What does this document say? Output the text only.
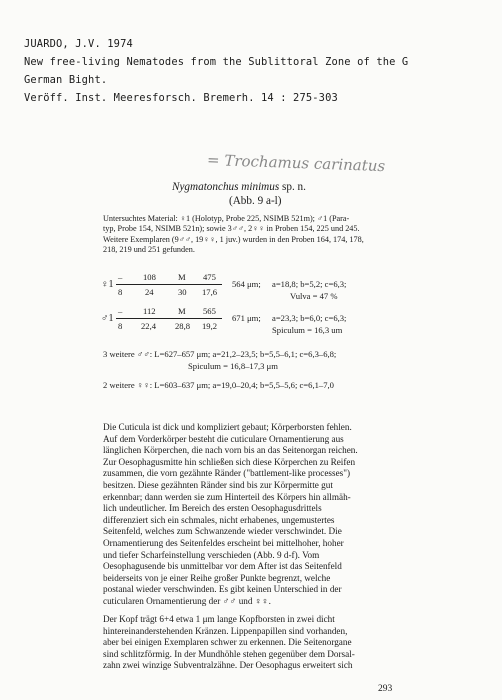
JUARDO, J.V. 1974
New free-living Nematodes from the Sublittoral Zone of the G
German Bight.
Veröff. Inst. Meeresforsch. Bremerh. 14 : 275-303
= Trochamus carinatus
Nygmatonchus minimus sp. n.
(Abb. 9 a-l)
Untersuchtes Material: ♀1 (Holotyp, Probe 225, NSIMB 521m); ♂1 (Para-
typ, Probe 154, NSIMB 521n); sowie 3♂♂, 2♀♀ in Proben 154, 225 und 245.
Weitere Exemplaren (9♂♂, 19♀♀, 1 juv.) wurden in den Proben 164, 174, 178,
218, 219 und 251 gefunden.
♀1
– 108	M 475
8	24	30 17,6
564 μm; a=18,8; b=5,2; c=6,3;
Vulva = 47 %
♂1
– 112	M 565
8 22,4 28,8 19,2
671 μm; a=23,3; b=6,0; c=6,3;
Spiculum = 16,3 um
3 weitere ♂♂: L=627–657 μm; a=21,2–23,5; b=5,5–6,1; c=6,3–6,8;
Spiculum = 16,8–17,3 μm
2 weitere ♀♀: L=603–637 μm; a=19,0–20,4; b=5,5–5,6; c=6,1–7,0
Die Cuticula ist dick und kompliziert gebaut; Körperborsten fehlen.
Auf dem Vorderkörper besteht die cuticulare Ornamentierung aus
länglichen Körperchen, die nach vorn bis an das Seitenorgan reichen.
Zur Oesophagusmitte hin schließen sich diese Körperchen zu Reifen
zusammen, die vorn gezähnte Ränder ("battlement-like processes")
besitzen. Diese gezähnten Ränder sind bis zur Körpermitte gut
erkennbar; dann werden sie zum Hinterteil des Körpers hin allmäh-
lich undeutlicher. Im Bereich des ersten Oesophagusdrittels
differenziert sich ein schmales, nicht erhabenes, ungemustertes
Seitenfeld, welches zum Schwanzende wieder verschwindet. Die
Ornamentierung des Seitenfeldes erscheint bei mittelhoher, hoher
und tiefer Scharfeinstellung verschieden (Abb. 9 d-f). Vom
Oesophagusende bis unmittelbar vor dem After ist das Seitenfeld
beiderseits von je einer Reihe großer Punkte begrenzt, welche
postanal wieder verschwinden. Es gibt keinen Unterschied in der
cuticularen Ornamentierung der ♂♂ und ♀♀.
Der Kopf trägt 6+4 etwa 1 μm lange Kopfborsten in zwei dicht
hintereinanderstehenden Kränzen. Lippenpapillen sind vorhanden,
aber bei einigen Exemplaren schwer zu erkennen. Die Seitenorgane
sind schlitzförmig. In der Mundhöhle stehen gegenüber dem Dorsal-
zahn zwei winzige Subventralzähne. Der Oesophagus erweitert sich
293
